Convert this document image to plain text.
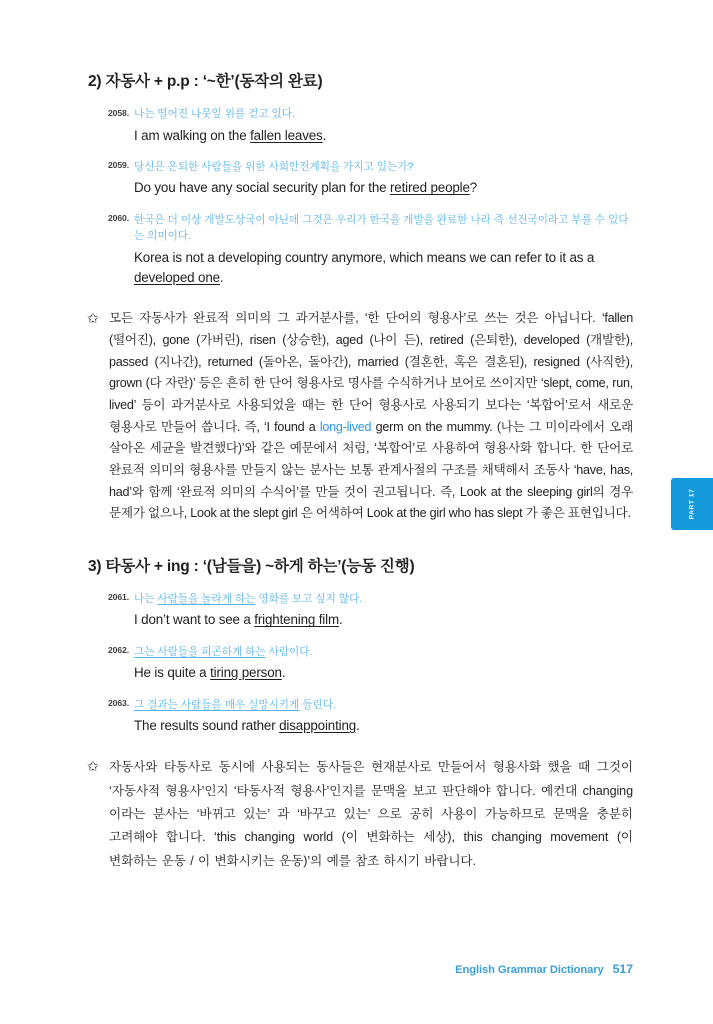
2) 자동사 + p.p : ‘~한’(동작의 완료)
2058. 나는 떨어진 나뭇잎 위를 걷고 있다.
I am walking on the fallen leaves.
2059. 당신은 은퇴한 사람들을 위한 사회안전계획을 가지고 있는가?
Do you have any social security plan for the retired people?
2060. 한국은 더 이상 개발도상국이 아닌데 그것은 우리가 한국을 개발을 완료한 나라 즉 선진국이라고 부를 수 있다는 의미이다.
Korea is not a developing country anymore, which means we can refer to it as a developed one.

✩ 모든 자동사가 완료적 의미의 그 과거분사를, ‘한 단어의 형용사’로 쓰는 것은 아닙니다. ‘fallen (떨어진), gone (가버린), risen (상승한), aged (나이 든), retired (은퇴한), developed (개발한), passed (지나간), returned (돌아온, 돌아간), married (결혼한, 혹은 결혼된), resigned (사직한), grown (다 자란)’ 등은 흔히 한 단어 형용사로 명사를 수식하거나 보어로 쓰이지만 ‘slept, come, run, lived’ 등이 과거분사로 사용되었을 때는 한 단어 형용사로 사용되기 보다는 ‘복합어’로서 새로운 형용사로 만들어 씁니다. 즉, ‘I found a long-lived germ on the mummy. (나는 그 미이라에서 오래 살아온 세균을 발견했다)’와 같은 예문에서 처럼, ‘복합어’로 사용하여 형용사화 합니다. 한 단어로 완료적 의미의 형용사를 만들지 않는 분사는 보통 관계사절의 구조를 채택해서 조동사 ‘have, has, had’와 함께 ‘완료적 의미의 수식어’를 만들 것이 권고됩니다. 즉, Look at the sleeping girl의 경우 문제가 없으나, Look at the slept girl 은 어색하여 Look at the girl who has slept 가 좋은 표현입니다.

3) 타동사 + ing : ‘(남들을) ~하게 하는’(능동 진행)
2061. 나는 사람들을 놀라게 하는 영화를 보고 싶지 않다.
I don’t want to see a frightening film.
2062. 그는 사람들을 피곤하게 하는 사람이다.
He is quite a tiring person.
2063. 그 결과는 사람들을 매우 실망시키게 들린다.
The results sound rather disappointing.

✩ 자동사와 타동사로 동시에 사용되는 동사들은 현재분사로 만들어서 형용사화 했을 때 그것이 ‘자동사적 형용사’인지 ‘타동사적 형용사’인지를 문맥을 보고 판단해야 합니다. 예컨대 changing 이라는 분사는 ‘바뀌고 있는’ 과 ‘바꾸고 있는’ 으로 공히 사용이 가능하므로 문맥을 충분히 고려해야 합니다. ‘this changing world (이 변화하는 세상), this changing movement (이 변화하는 운동 / 이 변화시키는 운동)’의 예를 참조 하시기 바랍니다.

PART 17
English Grammar Dictionary 517
